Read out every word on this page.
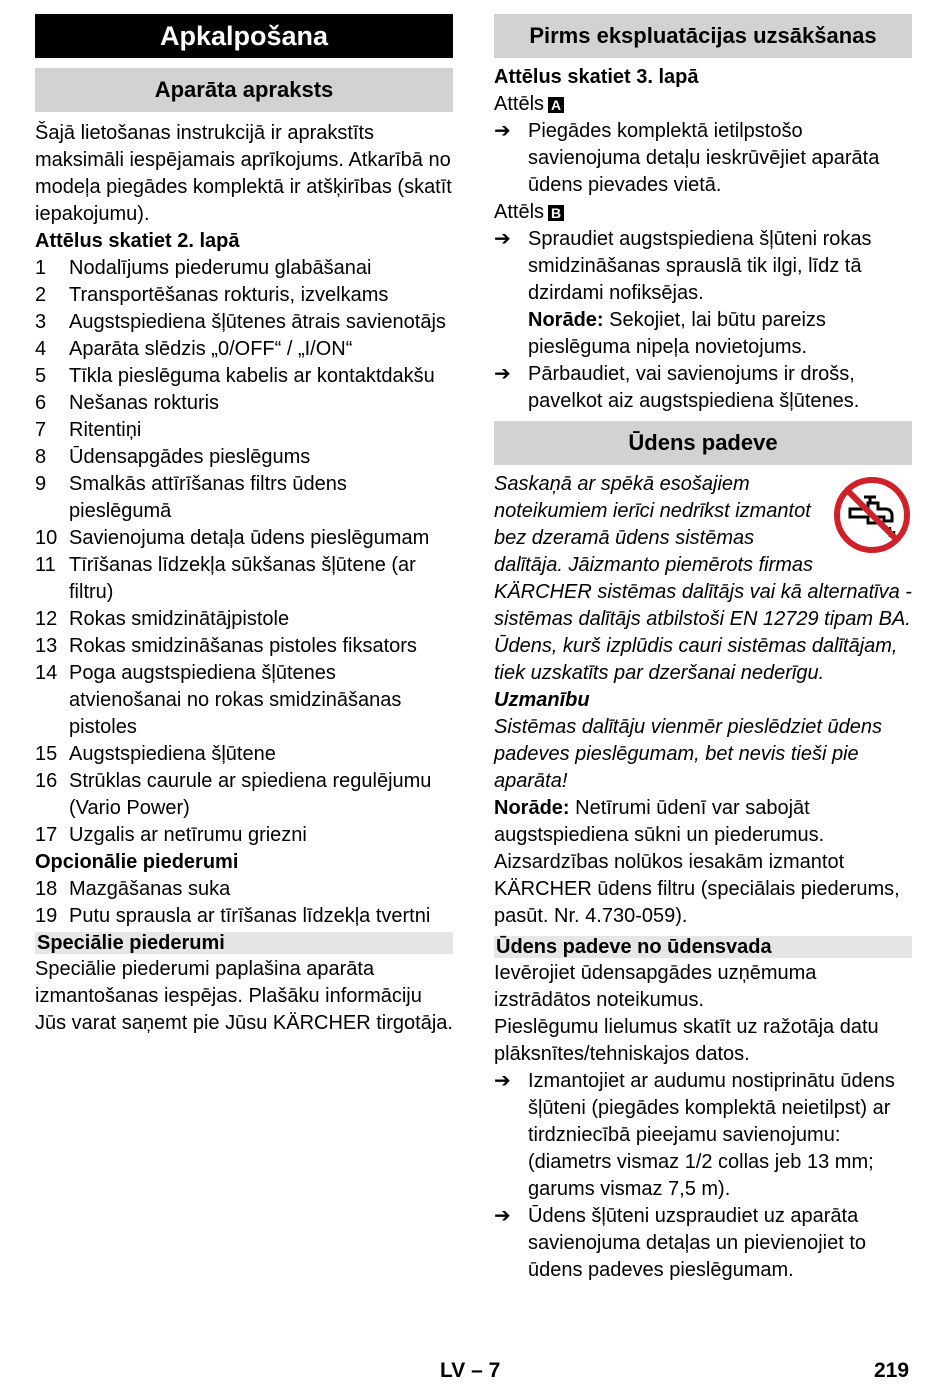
Apkalpošana
Aparāta apraksts
Šajā lietošanas instrukcijā ir aprakstīts maksimāli iespējamais aprīkojums. Atkarībā no modeļa piegādes komplektā ir atšķirības (skatīt iepakojumu).
Attēlus skatiet 2. lapā
1	Nodalījums piederumu glabāšanai
2	Transportēšanas rokturis, izvelkams
3	Augstspiediena šļūtenes ātrais savienotājs
4	Aparāta slēdzis „0/OFF“ / „I/ON“
5	Tīkla pieslēguma kabelis ar kontaktdakšu
6	Nešanas rokturis
7	Ritentiņi
8	Ūdensapgādes pieslēgums
9	Smalkās attīrīšanas filtrs ūdens pieslēgumā
10 Savienojuma detaļa ūdens pieslēgumam
11 Tīrīšanas līdzekļa sūkšanas šļūtene (ar filtru)
12 Rokas smidzinātājpistole
13 Rokas smidzināšanas pistoles fiksators
14 Poga augstspiediena šļūtenes atvienošanai no rokas smidzināšanas pistoles
15 Augstspiediena šļūtene
16 Strūklas caurule ar spiediena regulējumu (Vario Power)
17 Uzgalis ar netīrumu griezni
Opcionālie piederumi
18 Mazgāšanas suka
19 Putu sprausla ar tīrīšanas līdzekļa tvertni
Speciālie piederumi
Speciālie piederumi paplašina aparāta izmantošanas iespējas. Plašāku informāciju Jūs varat saņemt pie Jūsu KÄRCHER tirgotāja.
Pirms ekspluatācijas uzsākšanas
Attēlus skatiet 3. lapā
Attēls A
➔ Piegādes komplektā ietilpstošo savienojuma detaļu ieskrūvējiet aparāta ūdens pievades vietā.
Attēls B
➔ Spraudiet augstspiediena šļūteni rokas smidzināšanas sprauslā tik ilgi, līdz tā dzirdami nofiksējas.
Norāde: Sekojiet, lai būtu pareizs pieslēguma nipeļa novietojums.
➔ Pārbaudiet, vai savienojums ir drošs, pavelkot aiz augstspiediena šļūtenes.
Ūdens padeve
Saskaņā ar spēkā esošajiem noteikumiem ierīci nedrīkst izmantot bez dzeramā ūdens sistēmas dalītāja. Jāizmanto piemērots firmas KÄRCHER sistēmas dalītājs vai kā alternatīva - sistēmas dalītājs atbilstoši EN 12729 tipam BA. Ūdens, kurš izplūdis cauri sistēmas dalītājam, tiek uzskatīts par dzeršanai nederīgu.
Uzmanību
Sistēmas dalītāju vienmēr pieslēdziet ūdens padeves pieslēgumam, bet nevis tieši pie aparāta!
Norāde: Netīrumi ūdenī var sabojāt augstspiediena sūkni un piederumus. Aizsardzības nolūkos iesakām izmantot KÄRCHER ūdens filtru (speciālais piederums, pasūt. Nr. 4.730-059).
Ūdens padeve no ūdensvada
Ievērojiet ūdensapgādes uzņēmuma izstrādātos noteikumus.
Pieslēgumu lielumus skatīt uz ražotāja datu plāksnītes/tehniskajos datos.
➔ Izmantojiet ar audumu nostiprinātu ūdens šļūteni (piegādes komplektā neietilpst) ar tirdzniecībā pieejamu savienojumu: (diametrs vismaz 1/2 collas jeb 13 mm; garums vismaz 7,5 m).
➔ Ūdens šļūteni uzspraudiet uz aparāta savienojuma detaļas un pievienojiet to ūdens padeves pieslēgumam.
LV – 7	219
